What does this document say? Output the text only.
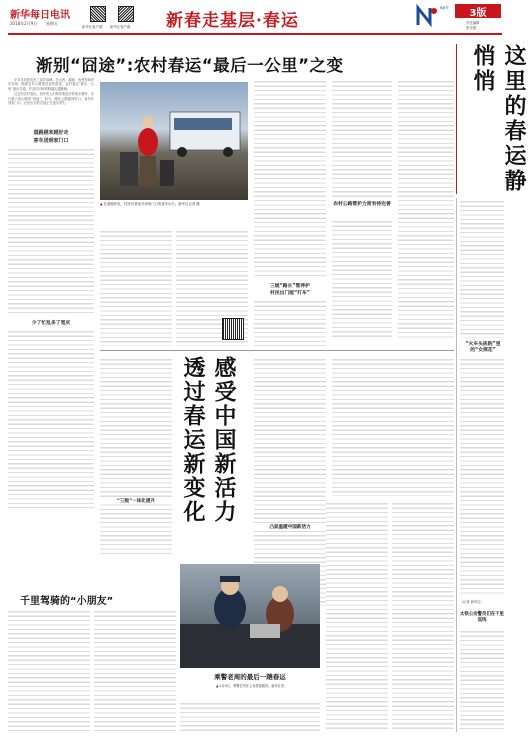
新华每日电讯
2018年2月9日 星期五
新华社客户端 新华社客户端 新春走基层·春运
N新华	3版
责任编辑
张光强
渐别“囧途”:农村春运“最后一公里”之变	这里的春运静悄悄

岁末年初是农民工返乡高峰。在山西、湖南、贵州等地采访发现，随着农村公路建设加快推进，农村客运“最后一公里”逐步打通，乡亲们回家的路越走越顺畅。

过去的农村春运，回乡的人们常常要经历转乘多趟车、步行数公里山路的“囧途”。如今，硬化公路通到村口，客车开到家门口，农民出行的苦恼正在逐步消失。

道路越来越好走
客车送到家门口
少了忙乱多了宽庆
▲ 在湖南怀化，村民们乘坐开到家门口的客车出行。新华社记者 摄	农村公路管护力度有待完善
三级“路长”管养护
村民出门能“打车”
感受中国新活力 透过春运新变化
“三级”一体化提升
凸显温暖中国新活力
“火车头医院”里的“女探花”
千里驾骑的“小朋友”
乘警老周的最后一趟春运
▲ 2月8日，乘警在列车上为旅客服务。新华社发
（记者 新华社）
太铁公安警员们在千里巡线
